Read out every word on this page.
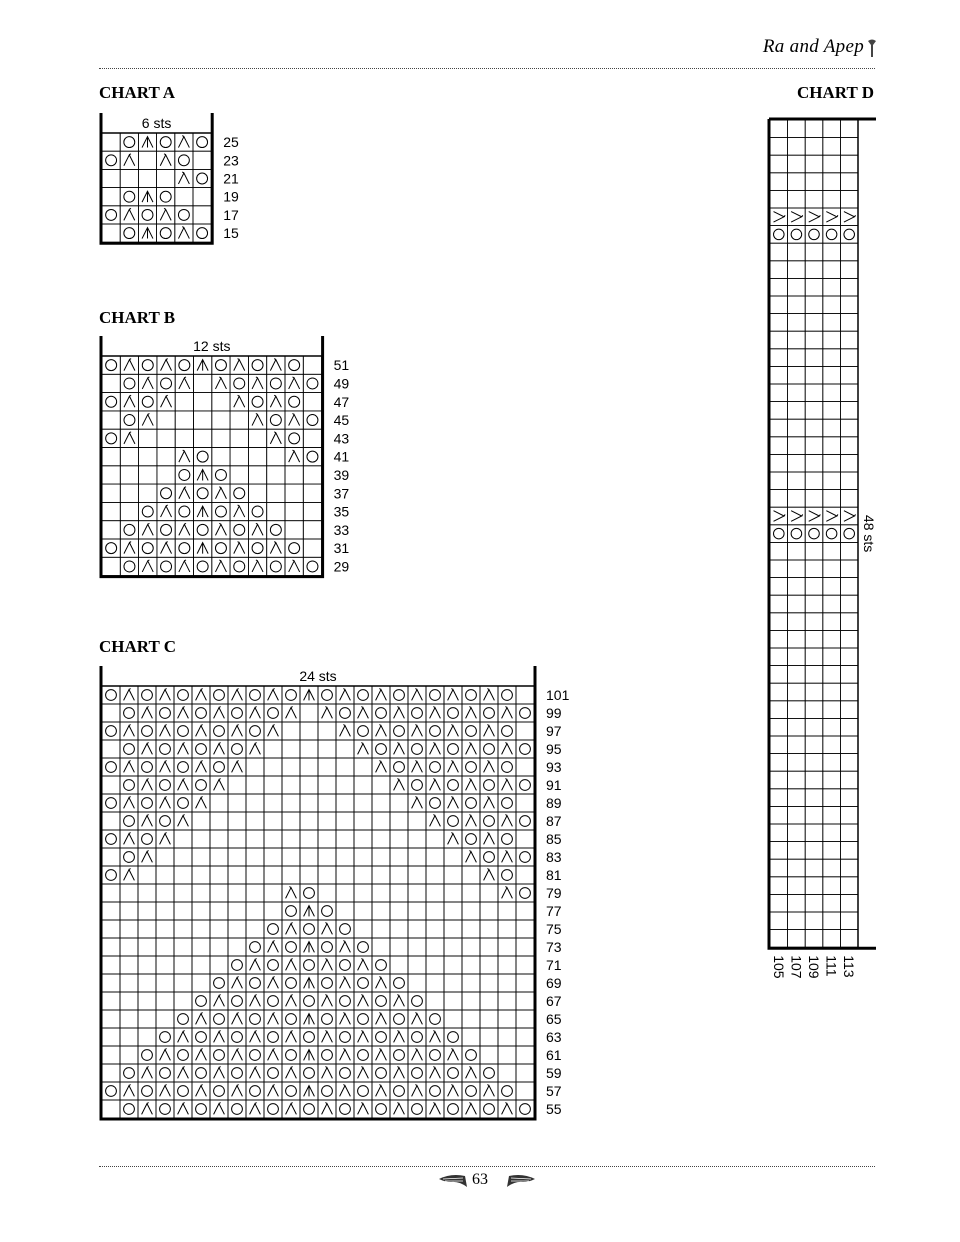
Ra and Apep
CHART A
CHART B
CHART C
CHART D
6 sts
25
23
21
19
17
15
12 sts
51
49
47
45
43
41
39
37
35
33
31
29
24 sts
101
99
97
95
93
91
89
87
85
83
81
79
77
75
73
71
69
67
65
63
61
59
57
55
105 107 109 111 113
48 sts
63
